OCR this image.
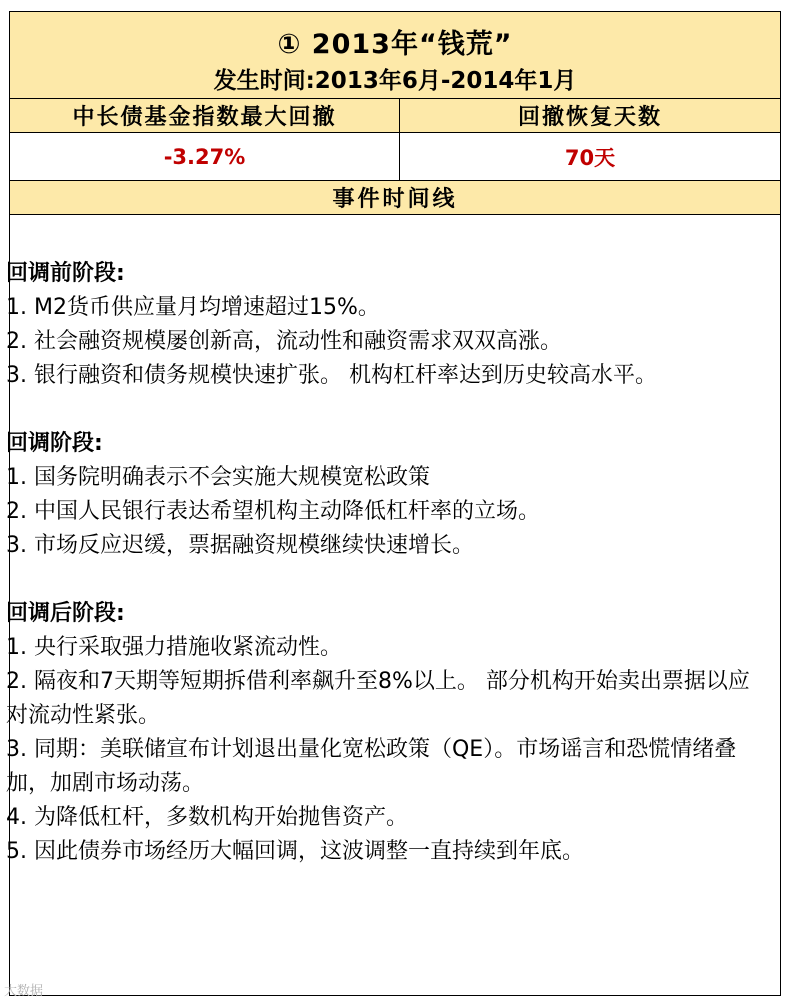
① 2013年“钱荒”
发生时间:2013年6月-2014年1月
中长债基金指数最大回撤	回撤恢复天数
-3.27%	70天
事件时间线

回调前阶段:

1. M2货币供应量月均增速超过15%。

2. 社会融资规模屡创新高，流动性和融资需求双双高涨。

3. 银行融资和债务规模快速扩张。 机构杠杆率达到历史较高水平。

回调阶段:

1. 国务院明确表示不会实施大规模宽松政策

2. 中国人民银行表达希望机构主动降低杠杆率的立场。

3. 市场反应迟缓，票据融资规模继续快速增长。

回调后阶段:

1. 央行采取强力措施收紧流动性。

2. 隔夜和7天期等短期拆借利率飙升至8%以上。 部分机构开始卖出票据以应对流动性紧张。

3. 同期：美联储宣布计划退出量化宽松政策（QE）。市场谣言和恐慌情绪叠加，加剧市场动荡。

4. 为降低杠杆，多数机构开始抛售资产。

5. 因此债券市场经历大幅回调，这波调整一直持续到年底。

大数据
